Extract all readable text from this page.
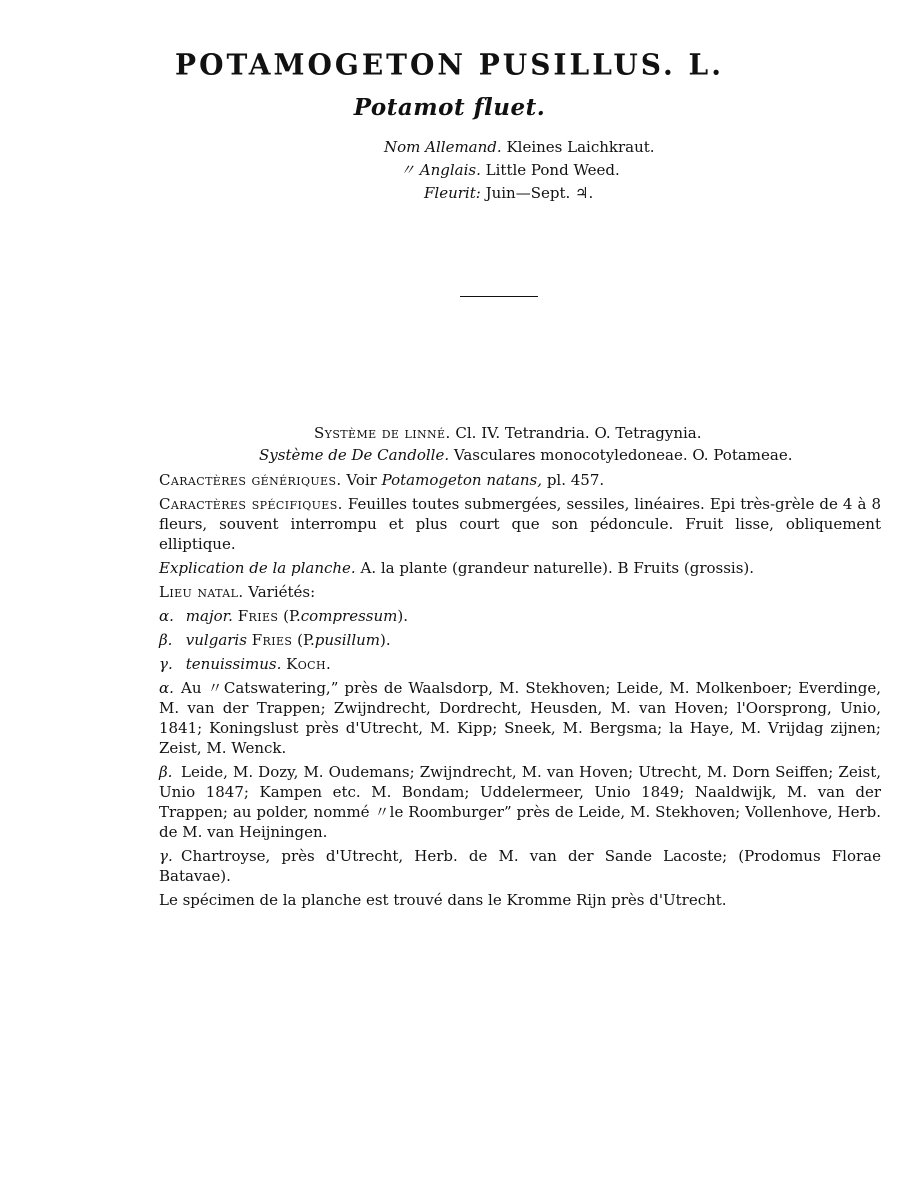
POTAMOGETON PUSILLUS. L.
Potamot fluet.
Nom Allemand. Kleines Laichkraut.
〃 Anglais. Little Pond Weed.
Fleurit: Juin—Sept. ♃.
Système de linné. Cl. IV. Tetrandria. O. Tetragynia.
Système de De Candolle. Vasculares monocotyledoneae. O. Potameae.
Caractères génériques. Voir Potamogeton natans, pl. 457.
Caractères spécifiques. Feuilles toutes submergées, sessiles, linéaires. Epi très-grèle de 4 à 8 fleurs, souvent interrompu et plus court que son pédoncule. Fruit lisse, obliquement elliptique.
Explication de la planche. A. la plante (grandeur naturelle). B Fruits (grossis).
Lieu natal. Variétés:
α. major. Fries (P.compressum).
β. vulgaris Fries (P.pusillum).
γ. tenuissimus. Koch.
α. Au 〃Catswatering,” près de Waalsdorp, M. Stekhoven; Leide, M. Molkenboer; Everdinge, M. van der Trappen; Zwijndrecht, Dordrecht, Heusden, M. van Hoven; l'Oorsprong, Unio, 1841; Koningslust près d'Utrecht, M. Kipp; Sneek, M. Bergsma; la Haye, M. Vrijdag zijnen; Zeist, M. Wenck.
β. Leide, M. Dozy, M. Oudemans; Zwijndrecht, M. van Hoven; Utrecht, M. Dorn Seiffen; Zeist, Unio 1847; Kampen etc. M. Bondam; Uddelermeer, Unio 1849; Naaldwijk, M. van der Trappen; au polder, nommé 〃le Roomburger” près de Leide, M. Stekhoven; Vollenhove, Herb. de M. van Heijningen.
γ. Chartroyse, près d'Utrecht, Herb. de M. van der Sande Lacoste; (Prodomus Florae Batavae).
Le spécimen de la planche est trouvé dans le Kromme Rijn près d'Utrecht.
